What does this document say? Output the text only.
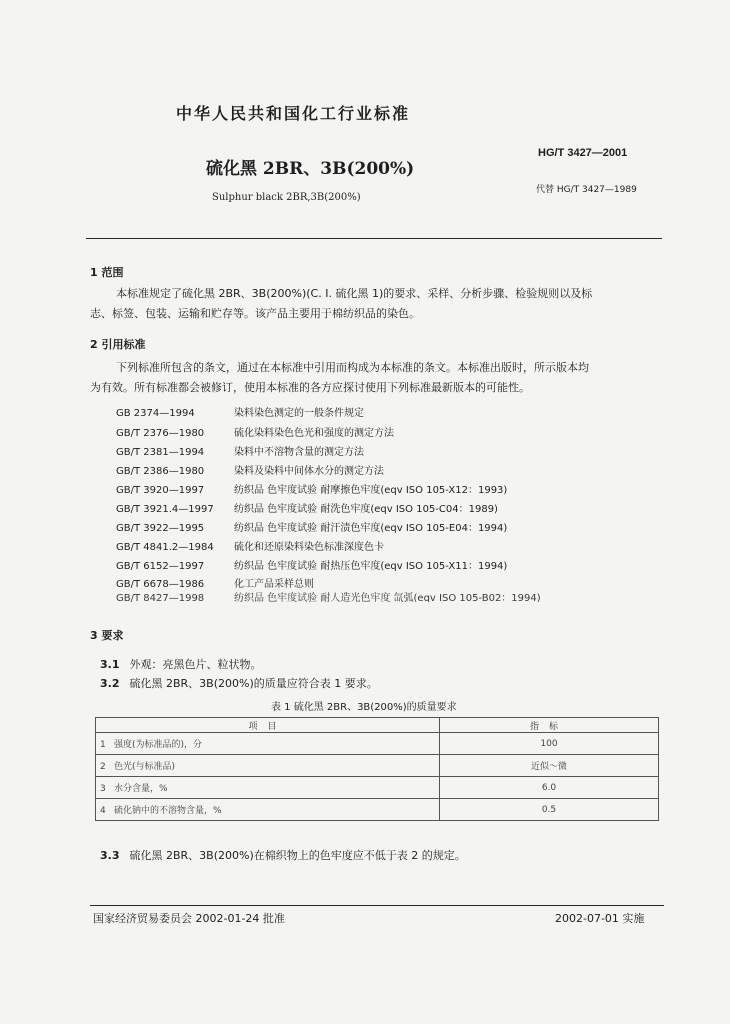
中华人民共和国化工行业标准
HG/T 3427—2001
硫化黑 2BR、3B(200%)
代替 HG/T 3427—1989
Sulphur black 2BR,3B(200%)
1 范围
本标准规定了硫化黑 2BR、3B(200%)(C. I. 硫化黑 1)的要求、采样、分析步骤、检验规则以及标
志、标签、包装、运输和贮存等。该产品主要用于棉纺织品的染色。
2 引用标准
下列标准所包含的条文，通过在本标准中引用而构成为本标准的条文。本标准出版时，所示版本均
为有效。所有标准都会被修订，使用本标准的各方应探讨使用下列标准最新版本的可能性。
GB 2374—1994	染料染色测定的一般条件规定
GB/T 2376—1980	硫化染料染色色光和强度的测定方法
GB/T 2381—1994	染料中不溶物含量的测定方法
GB/T 2386—1980	染料及染料中间体水分的测定方法
GB/T 3920—1997	纺织品 色牢度试验 耐摩擦色牢度(eqv ISO 105-X12：1993)
GB/T 3921.4—1997 纺织品 色牢度试验 耐洗色牢度(eqv ISO 105-C04：1989)
GB/T 3922—1995	纺织品 色牢度试验 耐汗渍色牢度(eqv ISO 105-E04：1994)
GB/T 4841.2—1984 硫化和还原染料染色标准深度色卡
GB/T 6152—1997	纺织品 色牢度试验 耐热压色牢度(eqv ISO 105-X11：1994)
GB/T 6678—1986	化工产品采样总则
GB/T 8427—1998	纺织品 色牢度试验 耐人造光色牢度 氙弧(eqv ISO 105-B02：1994)
3 要求
3.1 外观：亮黑色片、粒状物。
3.2 硫化黑 2BR、3B(200%)的质量应符合表 1 要求。
表 1 硫化黑 2BR、3B(200%)的质量要求
项目	指标
1 强度(为标准品的)，分	100
2 色光(与标准品)	近似～微
3 水分含量，%	6.0
4 硫化钠中的不溶物含量，%	0.5
3.3 硫化黑 2BR、3B(200%)在棉织物上的色牢度应不低于表 2 的规定。
国家经济贸易委员会 2002-01-24 批准	2002-07-01 实施
